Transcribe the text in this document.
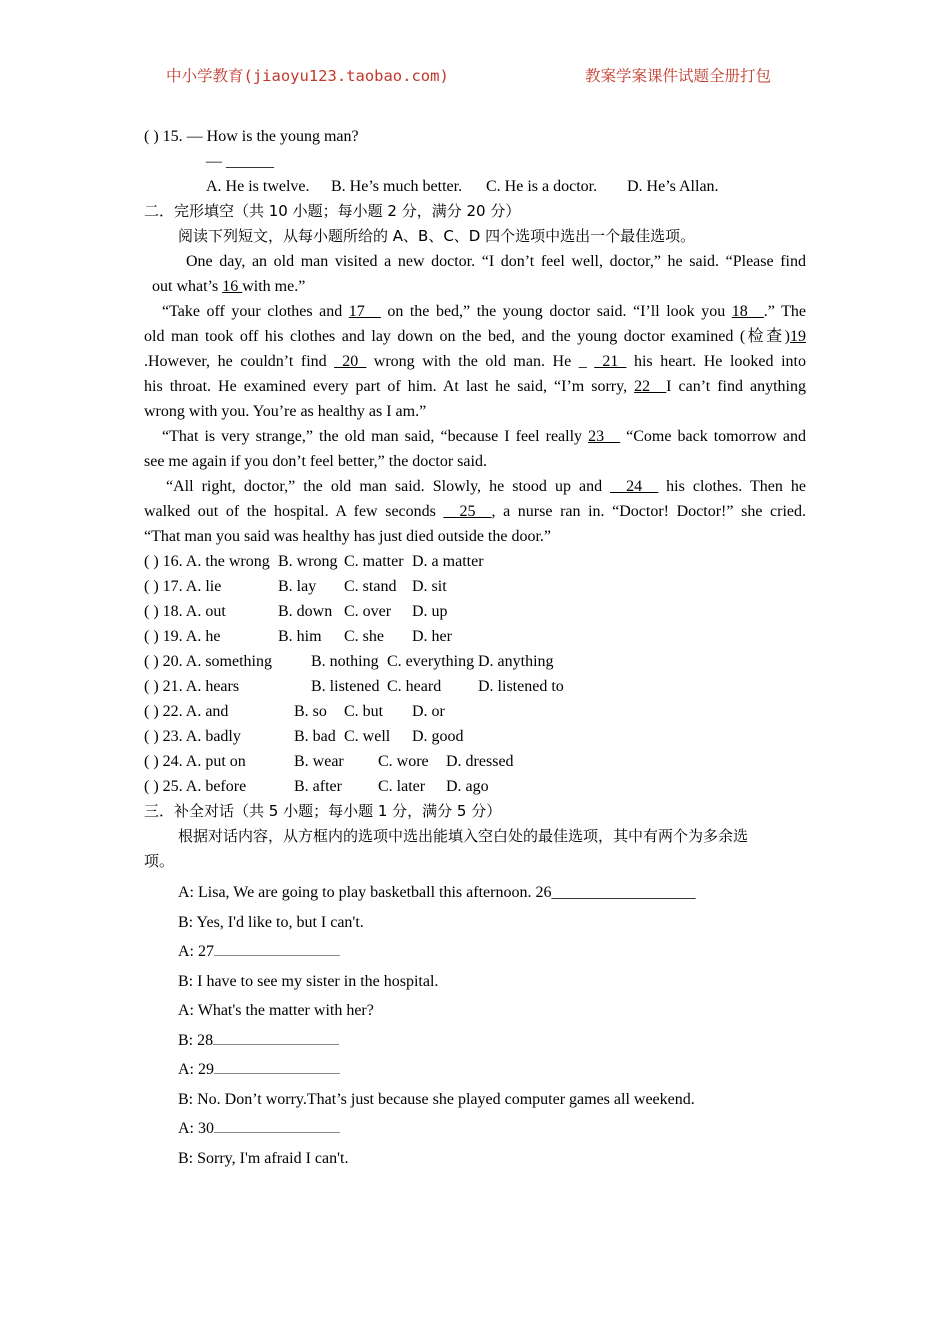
中小学教育(jiaoyu123.taobao.com)	教案学案课件试题全册打包
( ) 15. — How is the young man?
— ______
A. He is twelve. B. He’s much better. C. He is a doctor. D. He’s Allan.
二．完形填空（共 10 小题；每小题 2 分，满分 20 分）
阅读下列短文，从每小题所给的 A、B、C、D 四个选项中选出一个最佳选项。
One day, an old man visited a new doctor. “I don’t feel well, doctor,” he said. “Please find
out what’s 16 with me.”
“Take off your clothes and 17__ on the bed,” the young doctor said. “I’ll look you 18__.” The
old man took off his clothes and lay down on the bed, and the young doctor examined (检查)19
.However, he couldn’t find _20_ wrong with the old man. He _ _21_ his heart. He looked into
his throat. He examined every part of him. At last he said, “I’m sorry, 22__I can’t find anything
wrong with you. You’re as healthy as I am.”
“That is very strange,” the old man said, “because I feel really 23__ “Come back tomorrow and
see me again if you don’t feel better,” the doctor said.
“All right, doctor,” the old man said. Slowly, he stood up and __24__ his clothes. Then he
walked out of the hospital. A few seconds __25__, a nurse ran in. “Doctor! Doctor!” she cried.
“That man you said was healthy has just died outside the door.”
( ) 16. A. the wrong B. wrong C. matter D. a matter
( ) 17. A. lie	B. lay C. stand D. sit
( ) 18. A. out	B. down C. over D. up
( ) 19. A. he	B. him C. she D. her
( ) 20. A. something B. nothing C. everything D. anything
( ) 21. A. hears	B. listened C. heard D. listened to
( ) 22. A. and	B. so C. but D. or
( ) 23. A. badly	B. bad C. well D. good
( ) 24. A. put on	B. wear C. wore D. dressed
( ) 25. A. before	B. after C. later D. ago
三．补全对话（共 5 小题；每小题 1 分，满分 5 分）
根据对话内容，从方框内的选项中选出能填入空白处的最佳选项，其中有两个为多余选
项。
A: Lisa, We are going to play basketball this afternoon. 26__________________
B: Yes, I'd like to, but I can't.
A: 27
B: I have to see my sister in the hospital.
A: What's the matter with her?
B: 28
A: 29
B: No. Don’t worry.That’s just because she played computer games all weekend.
A: 30
B: Sorry, I'm afraid I can't.
